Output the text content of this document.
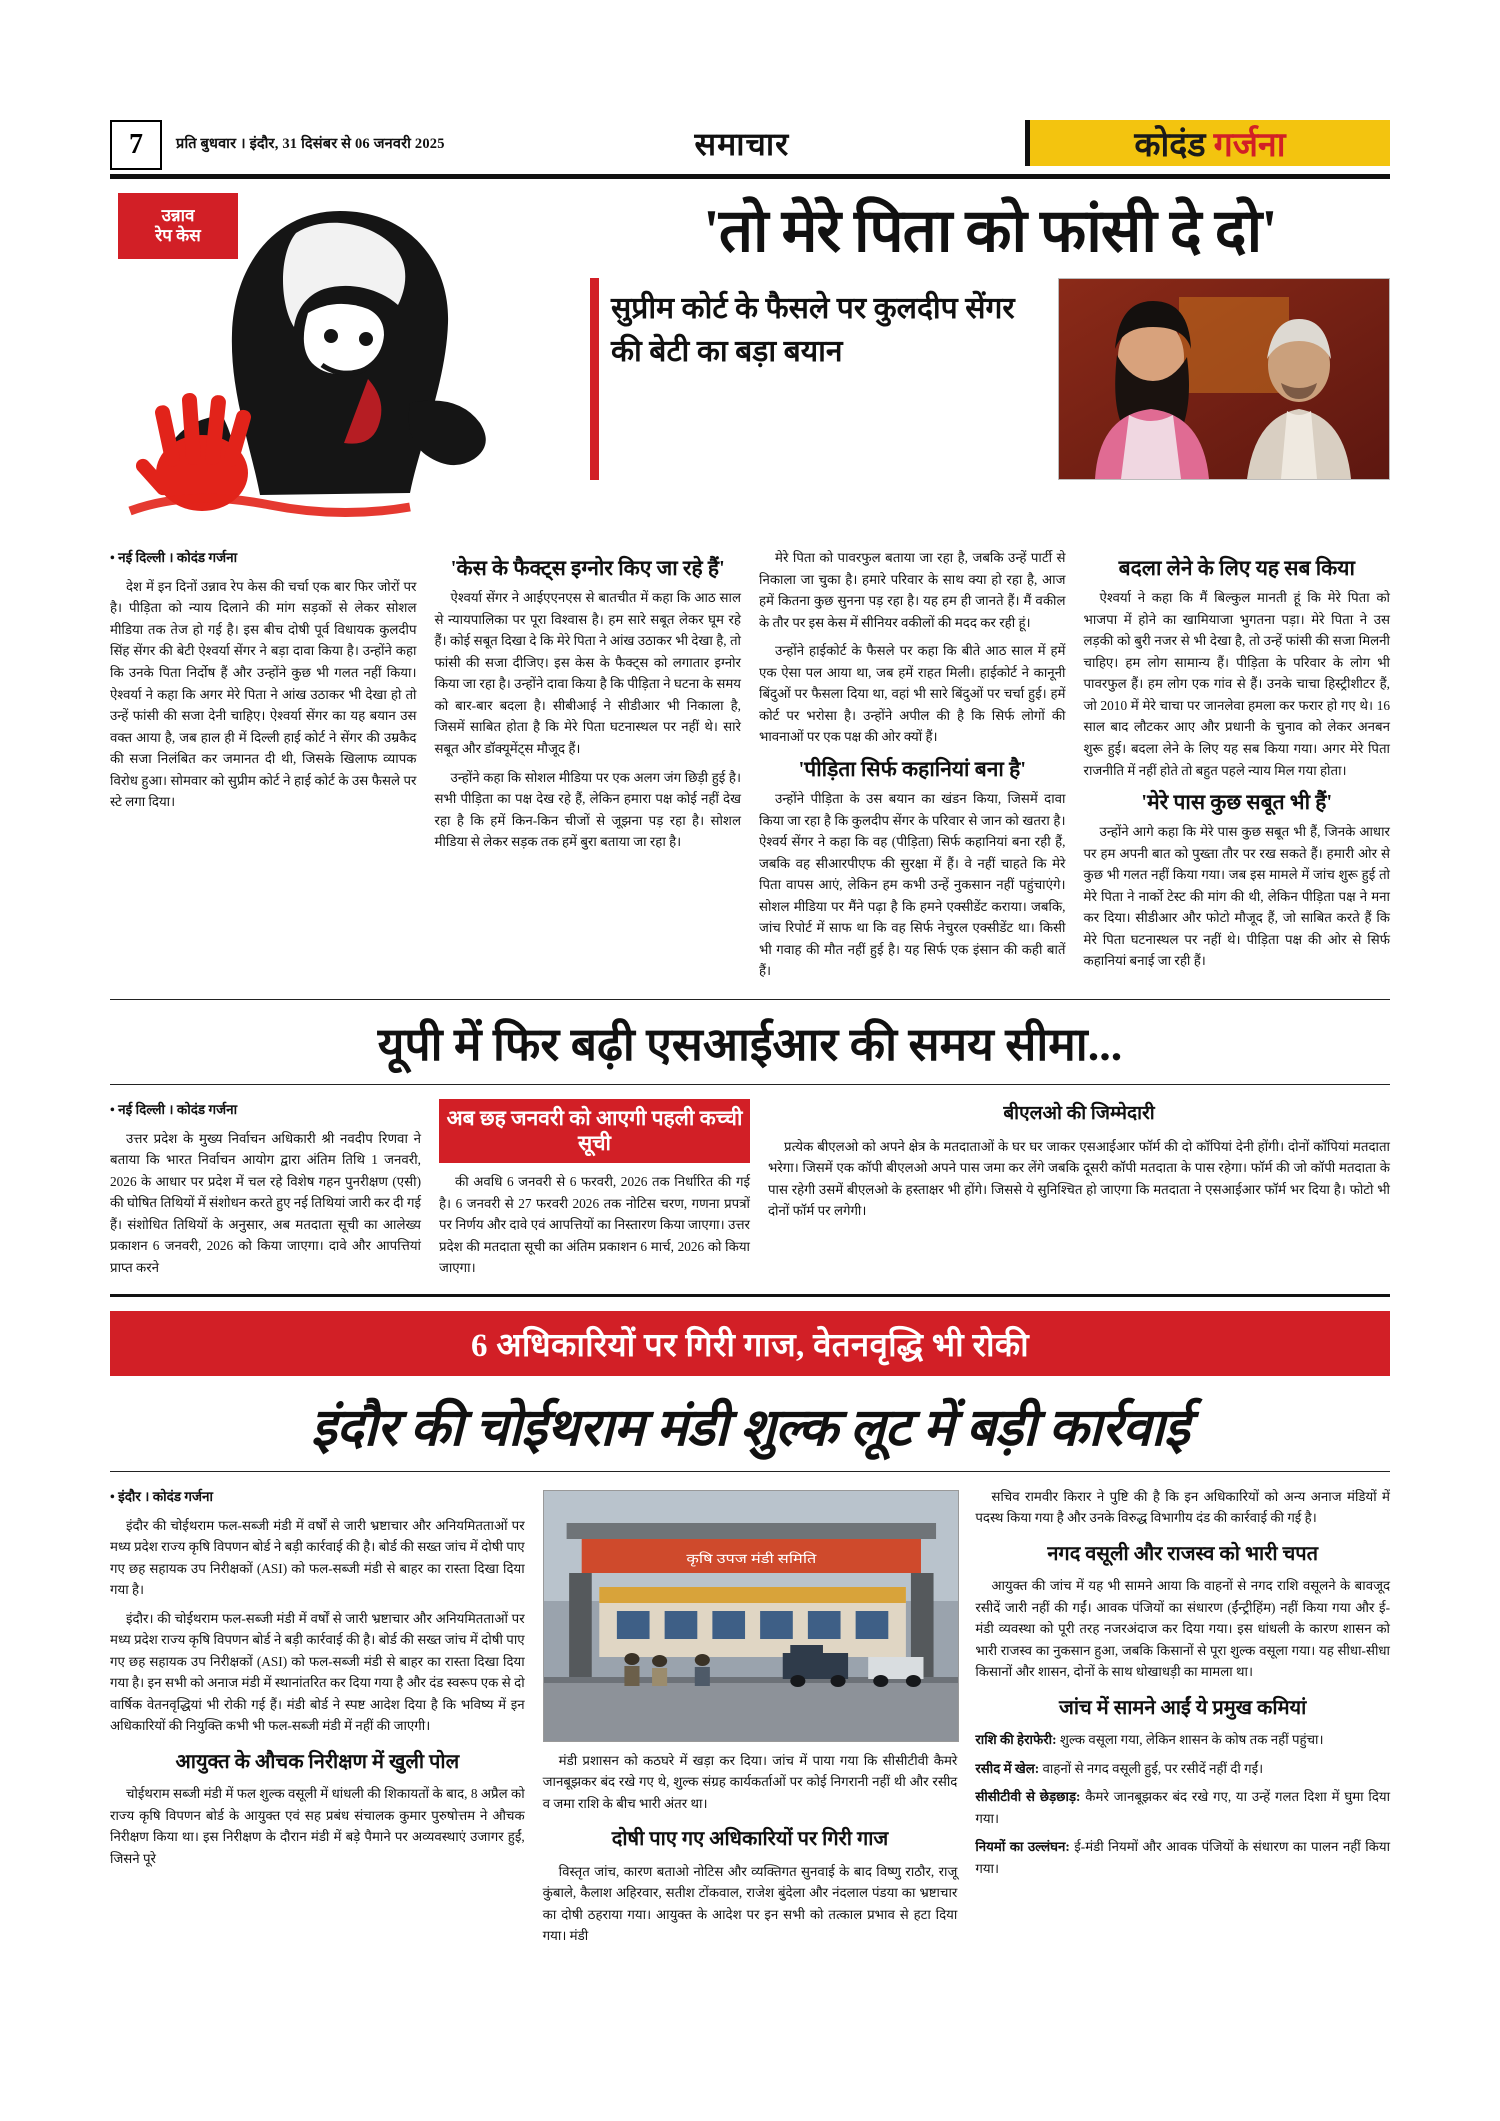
7	प्रति बुधवार । इंदौर, 31 दिसंबर से 06 जनवरी 2025	समाचार	कोदंड गर्जना
उन्नाव
रेप केस	'तो मेरे पिता को फांसी दे दो'
सुप्रीम कोर्ट के फैसले पर कुलदीप सेंगर की बेटी का बड़ा बयान

• नई दिल्ली । कोदंड गर्जना

देश में इन दिनों उन्नाव रेप केस की चर्चा एक बार फिर जोरों पर है। पीड़िता को न्याय दिलाने की मांग सड़कों से लेकर सोशल मीडिया तक तेज हो गई है। इस बीच दोषी पूर्व विधायक कुलदीप सिंह सेंगर की बेटी ऐश्वर्या सेंगर ने बड़ा दावा किया है। उन्होंने कहा कि उनके पिता निर्दोष हैं और उन्होंने कुछ भी गलत नहीं किया। ऐश्वर्या ने कहा कि अगर मेरे पिता ने आंख उठाकर भी देखा हो तो उन्हें फांसी की सजा देनी चाहिए। ऐश्वर्या सेंगर का यह बयान उस वक्त आया है, जब हाल ही में दिल्ली हाई कोर्ट ने सेंगर की उम्रकैद की सजा निलंबित कर जमानत दी थी, जिसके खिलाफ व्यापक विरोध हुआ। सोमवार को सुप्रीम कोर्ट ने हाई कोर्ट के उस फैसले पर स्टे लगा दिया।

'केस के फैक्ट्स इग्नोर किए जा रहे हैं'

ऐश्वर्या सेंगर ने आईएएनएस से बातचीत में कहा कि आठ साल से न्यायपालिका पर पूरा विश्वास है। हम सारे सबूत लेकर घूम रहे हैं। कोई सबूत दिखा दे कि मेरे पिता ने आंख उठाकर भी देखा है, तो फांसी की सजा दीजिए। इस केस के फैक्ट्स को लगातार इग्नोर किया जा रहा है। उन्होंने दावा किया है कि पीड़िता ने घटना के समय को बार-बार बदला है। सीबीआई ने सीडीआर भी निकाला है, जिसमें साबित होता है कि मेरे पिता घटनास्थल पर नहीं थे। सारे सबूत और डॉक्यूमेंट्स मौजूद हैं।

उन्होंने कहा कि सोशल मीडिया पर एक अलग जंग छिड़ी हुई है। सभी पीड़िता का पक्ष देख रहे हैं, लेकिन हमारा पक्ष कोई नहीं देख रहा है कि हमें किन-किन चीजों से जूझना पड़ रहा है। सोशल मीडिया से लेकर सड़क तक हमें बुरा बताया जा रहा है।

मेरे पिता को पावरफुल बताया जा रहा है, जबकि उन्हें पार्टी से निकाला जा चुका है। हमारे परिवार के साथ क्या हो रहा है, आज हमें कितना कुछ सुनना पड़ रहा है। यह हम ही जानते हैं। मैं वकील के तौर पर इस केस में सीनियर वकीलों की मदद कर रही हूं।

उन्होंने हाईकोर्ट के फैसले पर कहा कि बीते आठ साल में हमें एक ऐसा पल आया था, जब हमें राहत मिली। हाईकोर्ट ने कानूनी बिंदुओं पर फैसला दिया था, वहां भी सारे बिंदुओं पर चर्चा हुई। हमें कोर्ट पर भरोसा है। उन्होंने अपील की है कि सिर्फ लोगों की भावनाओं पर एक पक्ष की ओर क्यों हैं।

'पीड़िता सिर्फ कहानियां बना है'

उन्होंने पीड़िता के उस बयान का खंडन किया, जिसमें दावा किया जा रहा है कि कुलदीप सेंगर के परिवार से जान को खतरा है। ऐश्वर्य सेंगर ने कहा कि वह (पीड़िता) सिर्फ कहानियां बना रही हैं, जबकि वह सीआरपीएफ की सुरक्षा में हैं। वे नहीं चाहते कि मेरे पिता वापस आएं, लेकिन हम कभी उन्हें नुकसान नहीं पहुंचाएंगे। सोशल मीडिया पर मैंने पढ़ा है कि हमने एक्सीडेंट कराया। जबकि, जांच रिपोर्ट में साफ था कि वह सिर्फ नेचुरल एक्सीडेंट था। किसी भी गवाह की मौत नहीं हुई है। यह सिर्फ एक इंसान की कही बातें हैं।

बदला लेने के लिए यह सब किया

ऐश्वर्या ने कहा कि मैं बिल्कुल मानती हूं कि मेरे पिता को भाजपा में होने का खामियाजा भुगतना पड़ा। मेरे पिता ने उस लड़की को बुरी नजर से भी देखा है, तो उन्हें फांसी की सजा मिलनी चाहिए। हम लोग सामान्य हैं। पीड़िता के परिवार के लोग भी पावरफुल हैं। हम लोग एक गांव से हैं। उनके चाचा हिस्ट्रीशीटर हैं, जो 2010 में मेरे चाचा पर जानलेवा हमला कर फरार हो गए थे। 16 साल बाद लौटकर आए और प्रधानी के चुनाव को लेकर अनबन शुरू हुई। बदला लेने के लिए यह सब किया गया। अगर मेरे पिता राजनीति में नहीं होते तो बहुत पहले न्याय मिल गया होता।

'मेरे पास कुछ सबूत भी हैं'

उन्होंने आगे कहा कि मेरे पास कुछ सबूत भी हैं, जिनके आधार पर हम अपनी बात को पुख्ता तौर पर रख सकते हैं। हमारी ओर से कुछ भी गलत नहीं किया गया। जब इस मामले में जांच शुरू हुई तो मेरे पिता ने नार्को टेस्ट की मांग की थी, लेकिन पीड़िता पक्ष ने मना कर दिया। सीडीआर और फोटो मौजूद हैं, जो साबित करते हैं कि मेरे पिता घटनास्थल पर नहीं थे। पीड़िता पक्ष की ओर से सिर्फ कहानियां बनाई जा रही हैं।

यूपी में फिर बढ़ी एसआईआर की समय सीमा...

• नई दिल्ली । कोदंड गर्जना

उत्तर प्रदेश के मुख्य निर्वाचन अधिकारी श्री नवदीप रिणवा ने बताया कि भारत निर्वाचन आयोग द्वारा अंतिम तिथि 1 जनवरी, 2026 के आधार पर प्रदेश में चल रहे विशेष गहन पुनरीक्षण (एसी) की घोषित तिथियों में संशोधन करते हुए नई तिथियां जारी कर दी गई हैं। संशोधित तिथियों के अनुसार, अब मतदाता सूची का आलेख्य प्रकाशन 6 जनवरी, 2026 को किया जाएगा। दावे और आपत्तियां प्राप्त करने

अब छह जनवरी को आएगी पहली कच्ची सूची

की अवधि 6 जनवरी से 6 फरवरी, 2026 तक निर्धारित की गई है। 6 जनवरी से 27 फरवरी 2026 तक नोटिस चरण, गणना प्रपत्रों पर निर्णय और दावे एवं आपत्तियों का निस्तारण किया जाएगा। उत्तर प्रदेश की मतदाता सूची का अंतिम प्रकाशन 6 मार्च, 2026 को किया जाएगा।

बीएलओ की जिम्मेदारी

प्रत्येक बीएलओ को अपने क्षेत्र के मतदाताओं के घर घर जाकर एसआईआर फॉर्म की दो कॉपियां देनी होंगी। दोनों कॉपियां मतदाता भरेगा। जिसमें एक कॉपी बीएलओ अपने पास जमा कर लेंगे जबकि दूसरी कॉपी मतदाता के पास रहेगा। फॉर्म की जो कॉपी मतदाता के पास रहेगी उसमें बीएलओ के हस्ताक्षर भी होंगे। जिससे ये सुनिश्चित हो जाएगा कि मतदाता ने एसआईआर फॉर्म भर दिया है। फोटो भी दोनों फॉर्म पर लगेगी।

6 अधिकारियों पर गिरी गाज, वेतनवृद्धि भी रोकी
इंदौर की चोईथराम मंडी शुल्क लूट में बड़ी कार्रवाई

• इंदौर । कोदंड गर्जना

इंदौर की चोईथराम फल-सब्जी मंडी में वर्षों से जारी भ्रष्टाचार और अनियमितताओं पर मध्य प्रदेश राज्य कृषि विपणन बोर्ड ने बड़ी कार्रवाई की है। बोर्ड की सख्त जांच में दोषी पाए गए छह सहायक उप निरीक्षकों (ASI) को फल-सब्जी मंडी से बाहर का रास्ता दिखा दिया गया है।

इंदौर। की चोईथराम फल-सब्जी मंडी में वर्षों से जारी भ्रष्टाचार और अनियमितताओं पर मध्य प्रदेश राज्य कृषि विपणन बोर्ड ने बड़ी कार्रवाई की है। बोर्ड की सख्त जांच में दोषी पाए गए छह सहायक उप निरीक्षकों (ASI) को फल-सब्जी मंडी से बाहर का रास्ता दिखा दिया गया है। इन सभी को अनाज मंडी में स्थानांतरित कर दिया गया है और दंड स्वरूप एक से दो वार्षिक वेतनवृद्धियां भी रोकी गई हैं। मंडी बोर्ड ने स्पष्ट आदेश दिया है कि भविष्य में इन अधिकारियों की नियुक्ति कभी भी फल-सब्जी मंडी में नहीं की जाएगी।

आयुक्त के औचक निरीक्षण में खुली पोल

चोईथराम सब्जी मंडी में फल शुल्क वसूली में धांधली की शिकायतों के बाद, 8 अप्रैल को राज्य कृषि विपणन बोर्ड के आयुक्त एवं सह प्रबंध संचालक कुमार पुरुषोत्तम ने औचक निरीक्षण किया था। इस निरीक्षण के दौरान मंडी में बड़े पैमाने पर अव्यवस्थाएं उजागर हुईं, जिसने पूरे

कृषि उपज मंडी समिति

मंडी प्रशासन को कठघरे में खड़ा कर दिया। जांच में पाया गया कि सीसीटीवी कैमरे जानबूझकर बंद रखे गए थे, शुल्क संग्रह कार्यकर्ताओं पर कोई निगरानी नहीं थी और रसीद व जमा राशि के बीच भारी अंतर था।

दोषी पाए गए अधिकारियों पर गिरी गाज

विस्तृत जांच, कारण बताओ नोटिस और व्यक्तिगत सुनवाई के बाद विष्णु राठौर, राजू कुंबाले, कैलाश अहिरवार, सतीश टोंकवाल, राजेश बुंदेला और नंदलाल पंडया का भ्रष्टाचार का दोषी ठहराया गया। आयुक्त के आदेश पर इन सभी को तत्काल प्रभाव से हटा दिया गया। मंडी

सचिव रामवीर किरार ने पुष्टि की है कि इन अधिकारियों को अन्य अनाज मंडियों में पदस्थ किया गया है और उनके विरुद्ध विभागीय दंड की कार्रवाई की गई है।

नगद वसूली और राजस्व को भारी चपत

आयुक्त की जांच में यह भी सामने आया कि वाहनों से नगद राशि वसूलने के बावजूद रसीदें जारी नहीं की गईं। आवक पंजियों का संधारण (ईंन्ट्रीहिंम) नहीं किया गया और ई-मंडी व्यवस्था को पूरी तरह नजरअंदाज कर दिया गया। इस धांधली के कारण शासन को भारी राजस्व का नुकसान हुआ, जबकि किसानों से पूरा शुल्क वसूला गया। यह सीधा-सीधा किसानों और शासन, दोनों के साथ धोखाधड़ी का मामला था।

जांच में सामने आईं ये प्रमुख कमियां

राशि की हेराफेरी: शुल्क वसूला गया, लेकिन शासन के कोष तक नहीं पहुंचा।

रसीद में खेल: वाहनों से नगद वसूली हुई, पर रसीदें नहीं दी गईं।

सीसीटीवी से छेड़छाड़: कैमरे जानबूझकर बंद रखे गए, या उन्हें गलत दिशा में घुमा दिया गया।

नियमों का उल्लंघन: ई-मंडी नियमों और आवक पंजियों के संधारण का पालन नहीं किया गया।
